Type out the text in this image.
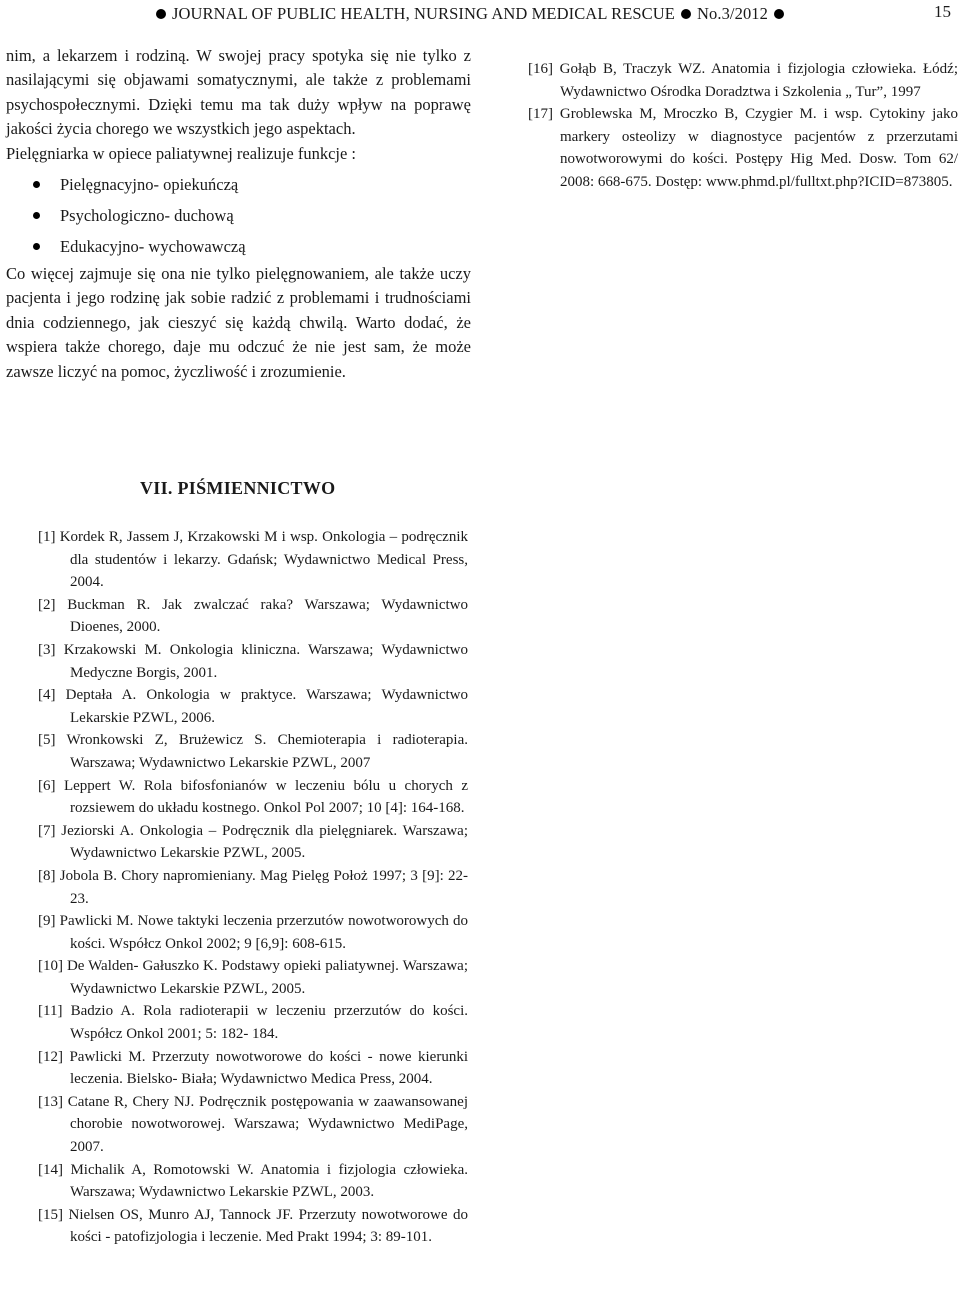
JOURNAL OF PUBLIC HEALTH, NURSING AND MEDICAL RESCUE No.3/2012	15

nim, a lekarzem i rodziną. W swojej pracy spotyka się nie tylko z nasilającymi się objawami somatycznymi, ale także z problemami psychospołecznymi. Dzięki temu ma tak duży wpływ na poprawę jakości życia chorego we wszystkich jego aspektach.

Pielęgniarka w opiece paliatywnej realizuje funkcje :

Pielęgnacyjno- opiekuńczą
Psychologiczno- duchową
Edukacyjno- wychowawczą

Co więcej zajmuje się ona nie tylko pielęgnowaniem, ale także uczy pacjenta i jego rodzinę jak sobie radzić z problemami i trudnościami dnia codziennego, jak cieszyć się każdą chwilą. Warto dodać, że wspiera także chorego, daje mu odczuć że nie jest sam, że może zawsze liczyć na pomoc, życzliwość i zrozumienie.

VII. PIŚMIENNICTWO

[1] Kordek R, Jassem J, Krzakowski M i wsp. Onkologia – podręcznik dla studentów i lekarzy. Gdańsk; Wydawnictwo Medical Press, 2004.

[2] Buckman R. Jak zwalczać raka? Warszawa; Wydawnictwo Dioenes, 2000.

[3] Krzakowski M. Onkologia kliniczna. Warszawa; Wydawnictwo Medyczne Borgis, 2001.

[4] Deptała A. Onkologia w praktyce. Warszawa; Wydawnictwo Lekarskie PZWL, 2006.

[5] Wronkowski Z, Brużewicz S. Chemioterapia i radioterapia. Warszawa; Wydawnictwo Lekarskie PZWL, 2007

[6] Leppert W. Rola bifosfonianów w leczeniu bólu u chorych z rozsiewem do układu kostnego. Onkol Pol 2007; 10 [4]: 164-168.

[7] Jeziorski A. Onkologia – Podręcznik dla pielęgniarek. Warszawa; Wydawnictwo Lekarskie PZWL, 2005.

[8] Jobola B. Chory napromieniany. Mag Pielęg Położ 1997; 3 [9]: 22-23.

[9] Pawlicki M. Nowe taktyki leczenia przerzutów nowotworowych do kości. Współcz Onkol 2002; 9 [6,9]: 608-615.

[10] De Walden- Gałuszko K. Podstawy opieki paliatywnej. Warszawa; Wydawnictwo Lekarskie PZWL, 2005.

[11] Badzio A. Rola radioterapii w leczeniu przerzutów do kości. Współcz Onkol 2001; 5: 182- 184.

[12] Pawlicki M. Przerzuty nowotworowe do kości - nowe kierunki leczenia. Bielsko- Biała; Wydawnictwo Medica Press, 2004.

[13] Catane R, Chery NJ. Podręcznik postępowania w zaawansowanej chorobie nowotworowej. Warszawa; Wydawnictwo MediPage, 2007.

[14] Michalik A, Romotowski W. Anatomia i fizjologia człowieka. Warszawa; Wydawnictwo Lekarskie PZWL, 2003.

[15] Nielsen OS, Munro AJ, Tannock JF. Przerzuty nowotworowe do kości - patofizjologia i leczenie. Med Prakt 1994; 3: 89-101.

[16] Gołąb B, Traczyk WZ. Anatomia i fizjologia człowieka. Łódź; Wydawnictwo Ośrodka Doradztwa i Szkolenia „ Tur”, 1997

[17] Groblewska M, Mroczko B, Czygier M. i wsp. Cytokiny jako markery osteolizy w diagnostyce pacjentów z przerzutami nowotworowymi do kości. Postępy Hig Med. Dosw. Tom 62/ 2008: 668-675. Dostęp: www.phmd.pl/fulltxt.php?ICID=873805.
